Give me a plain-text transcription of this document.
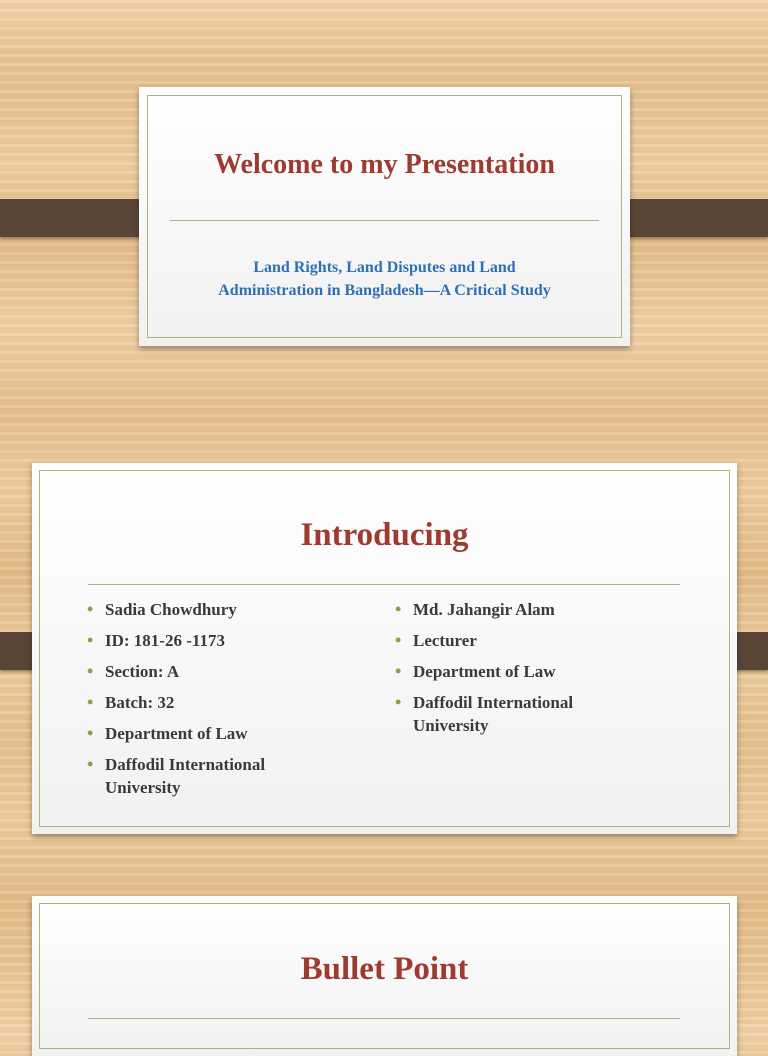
Welcome to my Presentation
Land Rights, Land Disputes and Land
Administration in Bangladesh—A Critical Study
Introducing
• Sadia Chowdhury
• ID: 181-26 -1173
• Section: A
• Batch: 32
• Department of Law
• Daffodil International
University
• Md. Jahangir Alam
• Lecturer
• Department of Law
• Daffodil International
University
Bullet Point
